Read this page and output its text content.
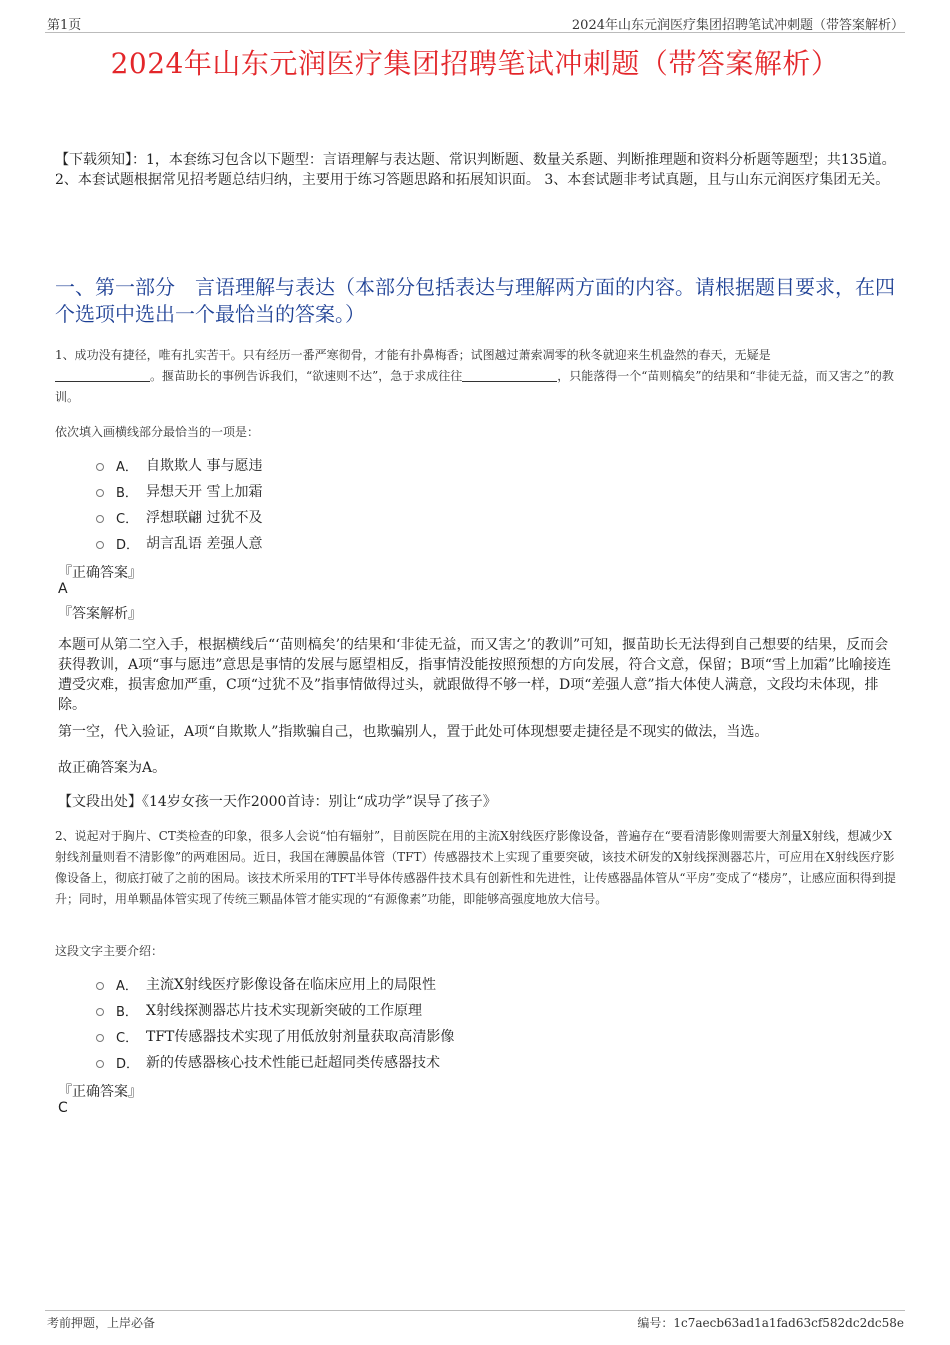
第1页	2024年山东元润医疗集团招聘笔试冲刺题（带答案解析）
2024年山东元润医疗集团招聘笔试冲刺题（带答案解析）
【下载须知】：1，本套练习包含以下题型：言语理解与表达题、常识判断题、数量关系题、判断推理题和资料分析题等题型；共135道。 2、本套试题根据常见招考题总结归纳，主要用于练习答题思路和拓展知识面。 3、本套试题非考试真题，且与山东元润医疗集团无关。
一、第一部分　言语理解与表达（本部分包括表达与理解两方面的内容。请根据题目要求，在四个选项中选出一个最恰当的答案。）
1、成功没有捷径，唯有扎实苦干。只有经历一番严寒彻骨，才能有扑鼻梅香；试图越过萧索凋零的秋冬就迎来生机盎然的春天，无疑是
。揠苗助长的事例告诉我们，“欲速则不达”，急于求成往往	，只能落得一个“苗则槁矣”的结果和“非徒无益，而又害之”的教训。
依次填入画横线部分最恰当的一项是：
A． 自欺欺人 事与愿违
B． 异想天开 雪上加霜
C． 浮想联翩 过犹不及
D． 胡言乱语 差强人意
『正确答案』
A
『答案解析』
本题可从第二空入手，根据横线后“‘苗则槁矣’的结果和‘非徒无益，而又害之’的教训”可知，揠苗助长无法得到自己想要的结果，反而会获得教训，A项“事与愿违”意思是事情的发展与愿望相反，指事情没能按照预想的方向发展，符合文意，保留；B项“雪上加霜”比喻接连遭受灾难，损害愈加严重，C项“过犹不及”指事情做得过头，就跟做得不够一样，D项“差强人意”指大体使人满意，文段均未体现，排除。
第一空，代入验证，A项“自欺欺人”指欺骗自己，也欺骗别人，置于此处可体现想要走捷径是不现实的做法，当选。
故正确答案为A。
【文段出处】《14岁女孩一天作2000首诗：别让“成功学”误导了孩子》
2、说起对于胸片、CT类检查的印象，很多人会说“怕有辐射”，目前医院在用的主流X射线医疗影像设备，普遍存在“要看清影像则需要大剂量X射线，想减少X射线剂量则看不清影像”的两难困局。近日，我国在薄膜晶体管（TFT）传感器技术上实现了重要突破，该技术研发的X射线探测器芯片，可应用在X射线医疗影像设备上，彻底打破了之前的困局。该技术所采用的TFT半导体传感器件技术具有创新性和先进性，让传感器晶体管从“平房”变成了“楼房”，让感应面积得到提升；同时，用单颗晶体管实现了传统三颗晶体管才能实现的“有源像素”功能，即能够高强度地放大信号。
这段文字主要介绍：
A． 主流X射线医疗影像设备在临床应用上的局限性
B． X射线探测器芯片技术实现新突破的工作原理
C． TFT传感器技术实现了用低放射剂量获取高清影像
D． 新的传感器核心技术性能已赶超同类传感器技术
『正确答案』
C
考前押题，上岸必备	编号：1c7aecb63ad1a1fad63cf582dc2dc58e
